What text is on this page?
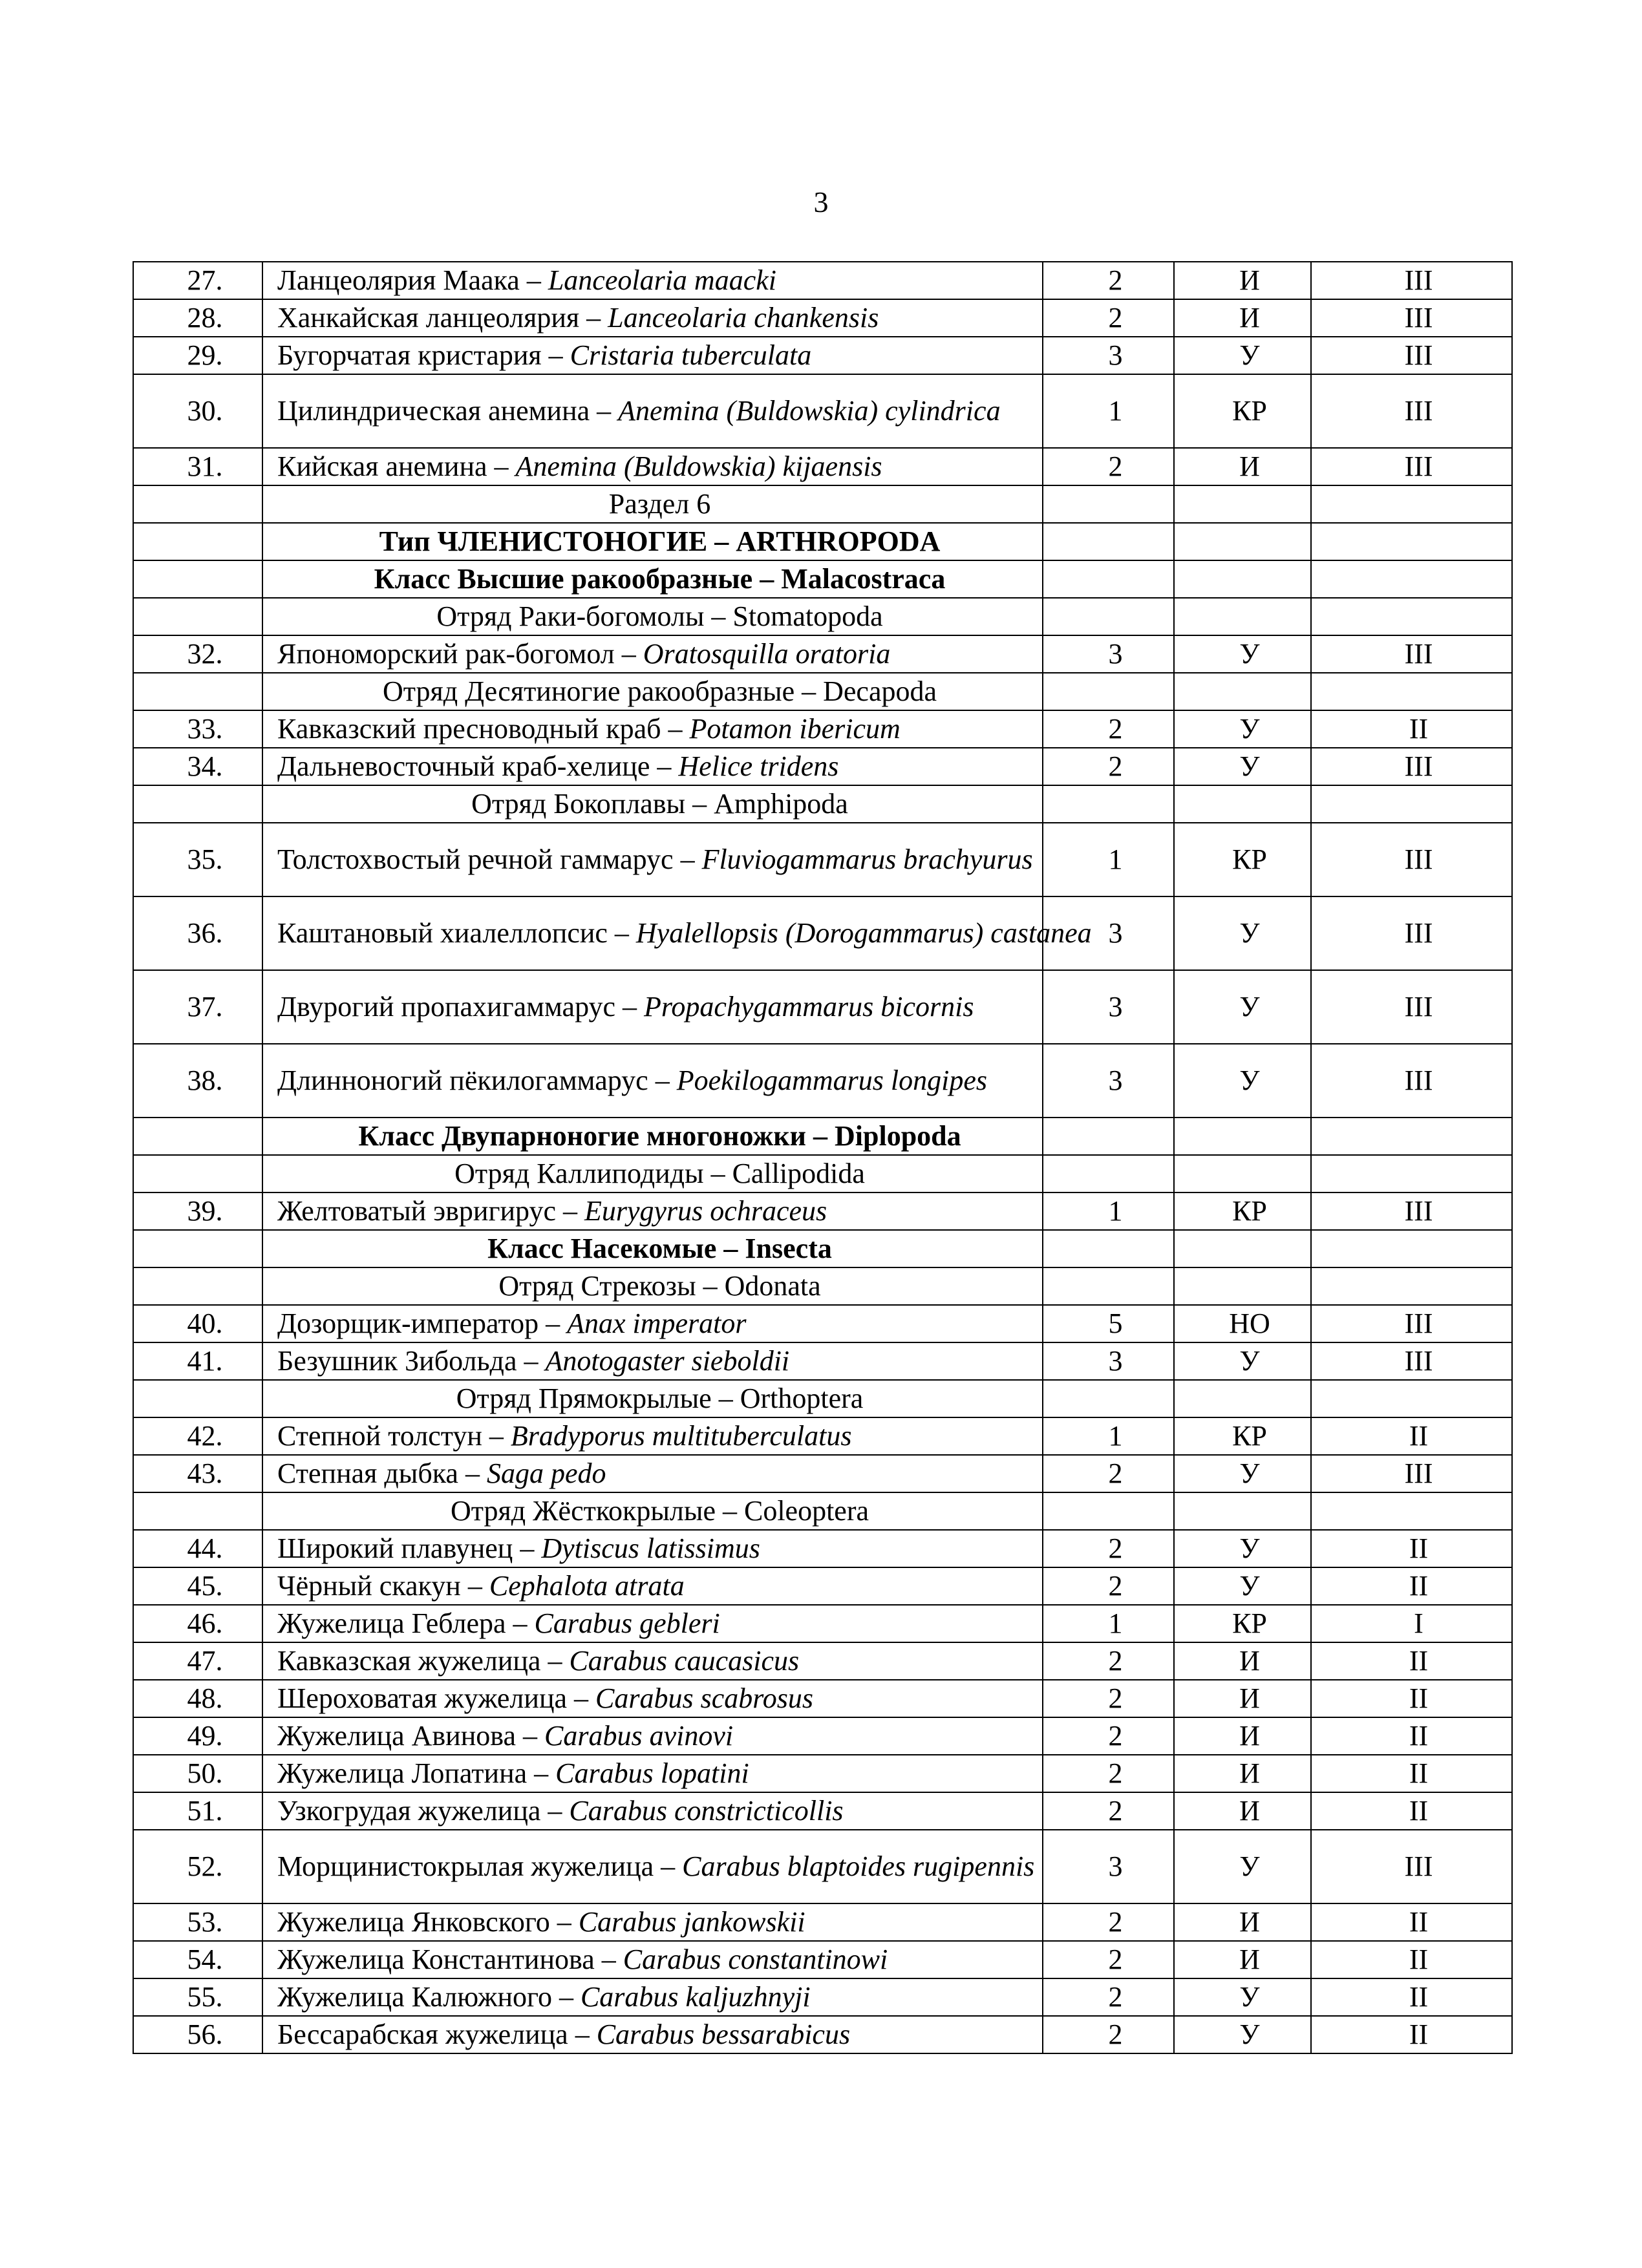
3
27.	Ланцеолярия Маака – Lanceolaria maacki	2	И	III
28.	Ханкайская ланцеолярия – Lanceolaria chankensis	2	И	III
29.	Бугорчатая кристария – Cristaria tuberculata	3	У	III
30.	Цилиндрическая анемина – Anemina (Buldowskia) cylindrica	1	КР	III
31.	Кийская анемина – Anemina (Buldowskia) kijaensis	2	И	III
	Раздел 6			
	Тип ЧЛЕНИСТОНОГИЕ – ARTHROPODA			
	Класс Высшие ракообразные – Malacostraca			
	Отряд Раки-богомолы – Stomatopoda			
32.	Япономорский рак-богомол – Oratosquilla oratoria	3	У	III
	Отряд Десятиногие ракообразные – Decapoda			
33.	Кавказский пресноводный краб – Potamon ibericum	2	У	II
34.	Дальневосточный краб-хелице – Helice tridens	2	У	III
	Отряд Бокоплавы – Amphipoda			
35.	Толстохвостый речной гаммарус – Fluviogammarus brachyurus	1	КР	III
36.	Каштановый хиалеллопсис – Hyalellopsis (Dorogammarus) castanea	3	У	III
37.	Двурогий пропахигаммарус – Propachygammarus bicornis	3	У	III
38.	Длинноногий пёкилогаммарус – Poekilogammarus longipes	3	У	III
	Класс Двупарноногие многоножки – Diplopoda			
	Отряд Каллиподиды – Callipodida			
39.	Желтоватый эвригирус – Eurygyrus ochraceus	1	КР	III
	Класс Насекомые – Insecta			
	Отряд Стрекозы – Odonata			
40.	Дозорщик-император – Anax imperator	5	НО	III
41.	Безушник Зибольда – Anotogaster sieboldii	3	У	III
	Отряд Прямокрылые – Orthoptera			
42.	Степной толстун – Bradyporus multituberculatus	1	КР	II
43.	Степная дыбка – Saga pedo	2	У	III
	Отряд Жёсткокрылые – Coleoptera			
44.	Широкий плавунец – Dytiscus latissimus	2	У	II
45.	Чёрный скакун – Cephalota atrata	2	У	II
46.	Жужелица Геблера – Carabus gebleri	1	КР	I
47.	Кавказская жужелица – Carabus caucasicus	2	И	II
48.	Шероховатая жужелица – Carabus scabrosus	2	И	II
49.	Жужелица Авинова – Carabus avinovi	2	И	II
50.	Жужелица Лопатина – Carabus lopatini	2	И	II
51.	Узкогрудая жужелица – Carabus constricticollis	2	И	II
52.	Морщинистокрылая жужелица – Carabus blaptoides rugipennis	3	У	III
53.	Жужелица Янковского – Carabus jankowskii	2	И	II
54.	Жужелица Константинова – Carabus constantinowi	2	И	II
55.	Жужелица Калюжного – Carabus kaljuzhnyji	2	У	II
56.	Бессарабская жужелица – Carabus bessarabicus	2	У	II
